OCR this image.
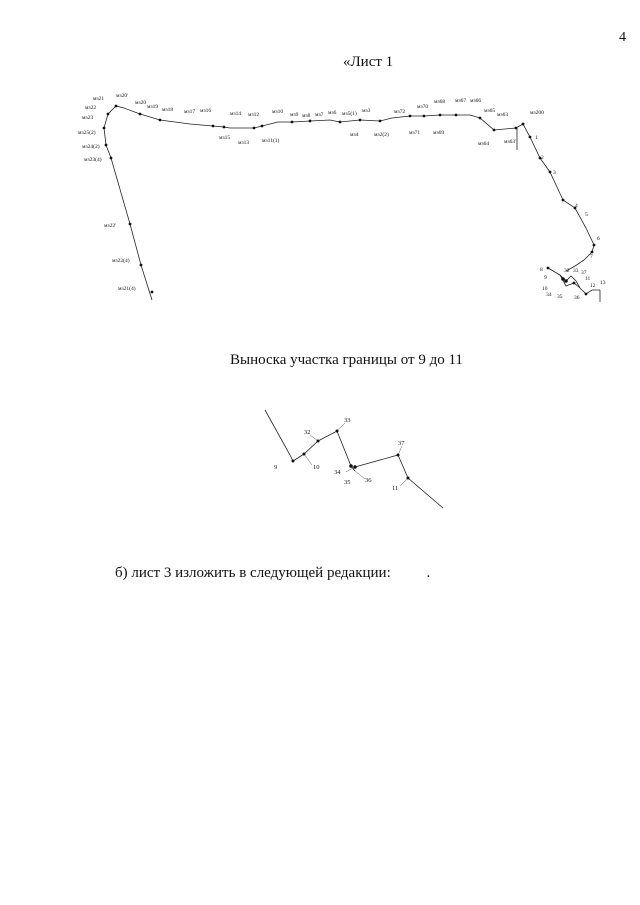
4
«Лист 1
Выноска участка границы от 9 до 11
б) лист 3 изложить в следующей редакции: .
мз21 мз20'
мз22
мз20
мз19 мз18
мз23
мз25(2)
мз24(2)
мз23(4)
мз17 мз16
мз15
мз14
мз13
мз12
мз11(1)
мз10 мз9 мз8 мз7 мз6 мз5(1)
мз4
мз3
мз2(2)
мз72
мз71
мз70
мз69
мз68 мз67 мз66
мз65
мз64
мз63
мз63'
мз200
1
2
3
4
5
6
7
мз22'
мз22(4)
мз21(4)
8
9
10
32 33 37
11
12 13
34 35 36
9
32
33
10
37
34
35 36
11
